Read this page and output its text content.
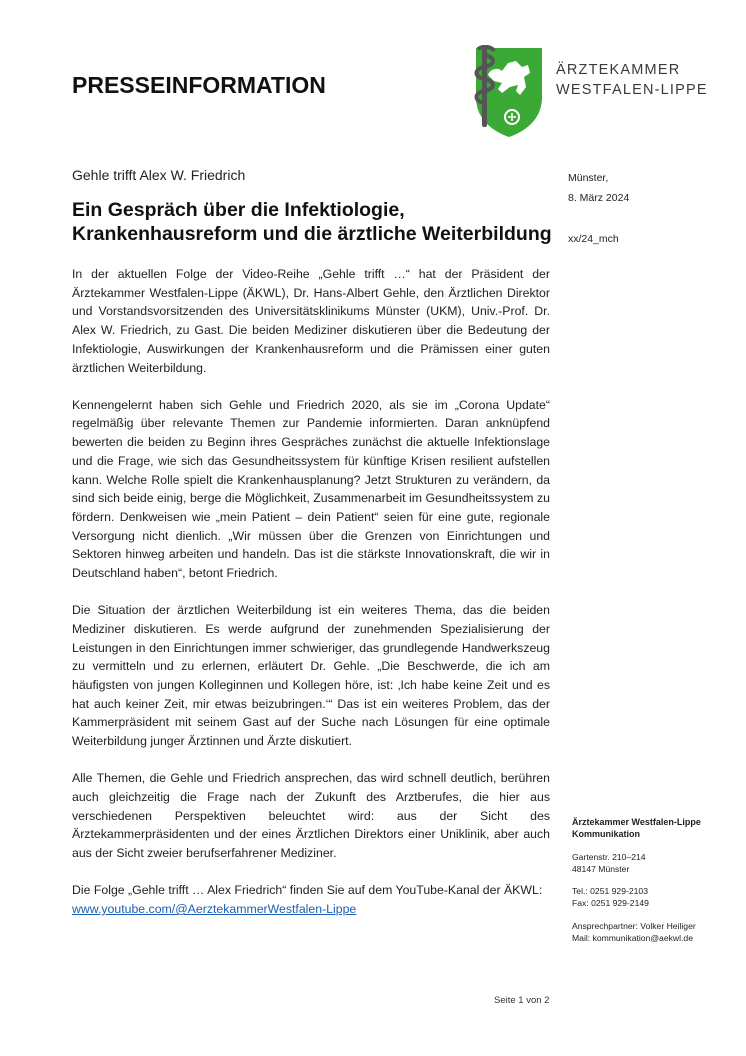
PRESSEINFORMATION
ÄRZTEKAMMER
WESTFALEN-LIPPE
Gehle trifft Alex W. Friedrich
Ein Gespräch über die Infektiologie,
Krankenhausreform und die ärztliche Weiterbildung
Münster,
8. März 2024
xx/24_mch

In der aktuellen Folge der Video-Reihe „Gehle trifft …“ hat der Präsident der Ärztekammer Westfalen-Lippe (ÄKWL), Dr. Hans-Albert Gehle, den Ärztlichen Direktor und Vorstandsvorsitzenden des Universitätsklinikums Münster (UKM), Univ.-Prof. Dr. Alex W. Friedrich, zu Gast. Die beiden Mediziner diskutieren über die Bedeutung der Infektiologie, Auswirkungen der Krankenhausreform und die Prämissen einer guten ärztlichen Weiterbildung.

Kennengelernt haben sich Gehle und Friedrich 2020, als sie im „Corona Update“ regelmäßig über relevante Themen zur Pandemie informierten. Daran anknüpfend bewerten die beiden zu Beginn ihres Gespräches zunächst die aktuelle Infektionslage und die Frage, wie sich das Gesundheitssystem für künftige Krisen resilient aufstellen kann. Welche Rolle spielt die Krankenhausplanung? Jetzt Strukturen zu verändern, da sind sich beide einig, berge die Möglichkeit, Zusammenarbeit im Gesundheitssystem zu fördern. Denkweisen wie „mein Patient – dein Patient“ seien für eine gute, regionale Versorgung nicht dienlich. „Wir müssen über die Grenzen von Einrichtungen und Sektoren hinweg arbeiten und handeln. Das ist die stärkste Innovationskraft, die wir in Deutschland haben“, betont Friedrich.

Die Situation der ärztlichen Weiterbildung ist ein weiteres Thema, das die beiden Mediziner diskutieren. Es werde aufgrund der zunehmenden Spezialisierung der Leistungen in den Einrichtungen immer schwieriger, das grundlegende Handwerkszeug zu vermitteln und zu erlernen, erläutert Dr. Gehle. „Die Beschwerde, die ich am häufigsten von jungen Kolleginnen und Kollegen höre, ist: ‚Ich habe keine Zeit und es hat auch keiner Zeit, mir etwas beizubringen.‘“ Das ist ein weiteres Problem, das der Kammerpräsident mit seinem Gast auf der Suche nach Lösungen für eine optimale Weiterbildung junger Ärztinnen und Ärzte diskutiert.

Alle Themen, die Gehle und Friedrich ansprechen, das wird schnell deutlich, berühren auch gleichzeitig die Frage nach der Zukunft des Arztberufes, die hier aus verschiedenen Perspektiven beleuchtet wird: aus der Sicht des Ärztekammerpräsidenten und der eines Ärztlichen Direktors einer Uniklinik, aber auch aus der Sicht zweier berufserfahrener Mediziner.

Die Folge „Gehle trifft … Alex Friedrich“ finden Sie auf dem YouTube-Kanal der ÄKWL:
www.youtube.com/@AerztekammerWestfalen-Lippe

Ärztekammer Westfalen-Lippe
Kommunikation
Gartenstr. 210–214
48147 Münster
Tel.: 0251 929-2103
Fax: 0251 929-2149
Ansprechpartner: Volker Heiliger
Mail: kommunikation@aekwl.de
Seite 1 von 2
